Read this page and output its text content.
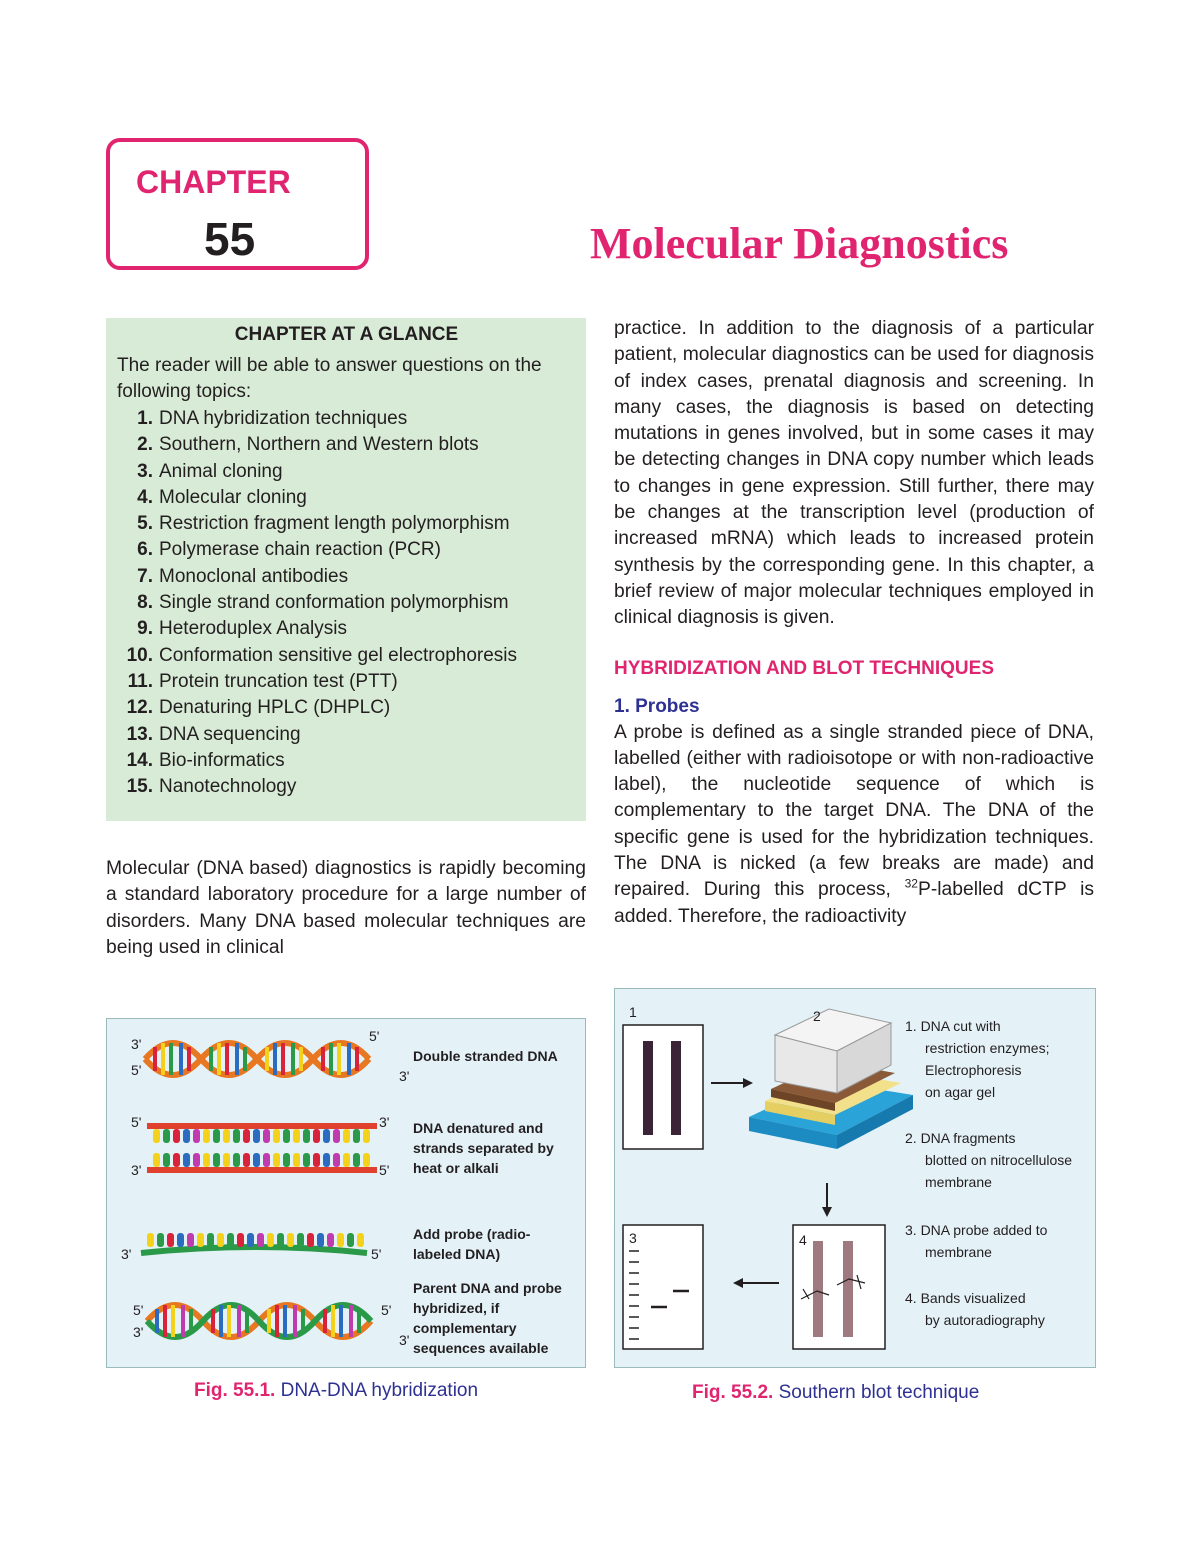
CHAPTER
55	Molecular Diagnostics
CHAPTER AT A GLANCE
The reader will be able to answer questions on the following topics:
1. DNA hybridization techniques
2. Southern, Northern and Western blots
3. Animal cloning
4. Molecular cloning
5. Restriction fragment length polymorphism
6. Polymerase chain reaction (PCR)
7. Monoclonal antibodies
8. Single strand conformation polymorphism
9. Heteroduplex Analysis
10. Conformation sensitive gel electrophoresis
11. Protein truncation test (PTT)
12. Denaturing HPLC (DHPLC)
13. DNA sequencing
14. Bio-informatics
15. Nanotechnology
Molecular (DNA based) diagnostics is rapidly becoming a standard laboratory procedure for a large number of disorders. Many DNA based molecular techniques are being used in clinical

practice. In addition to the diagnosis of a particular patient, molecular diagnostics can be used for diagnosis of index cases, prenatal diagnosis and screening. In many cases, the diagnosis is based on detecting mutations in genes involved, but in some cases it may be detecting changes in DNA copy number which leads to changes in gene expression. Still further, there may be changes at the transcription level (production of increased mRNA) which leads to increased protein synthesis by the corresponding gene. In this chapter, a brief review of major molecular techniques employed in clinical diagnosis is given.

HYBRIDIZATION AND BLOT TECHNIQUES
1. Probes

A probe is defined as a single stranded piece of DNA, labelled (either with radioisotope or with non-radioactive label), the nucleotide sequence of which is complementary to the target DNA. The DNA of the specific gene is used for the hybridization techniques. The DNA is nicked (a few breaks are made) and repaired. During this process, $^{32}$P-labelled dCTP is added. Therefore, the radioactivity

3'
5'
5'
3'
Double stranded DNA
5'	3'
3'	5'
DNA denatured and
strands separated by
heat or alkali
3'	5'
Add probe (radio-
labeled DNA)
5'
3'
5'
3'
Parent DNA and probe
hybridized, if
complementary
sequences available
Fig. 55.1. DNA-DNA hybridization
1	2
4
3
1. DNA cut with
restriction enzymes;
Electrophoresis
on agar gel
2. DNA fragments
blotted on nitrocellulose
membrane
3. DNA probe added to
membrane
4. Bands visualized
by autoradiography
Fig. 55.2. Southern blot technique
